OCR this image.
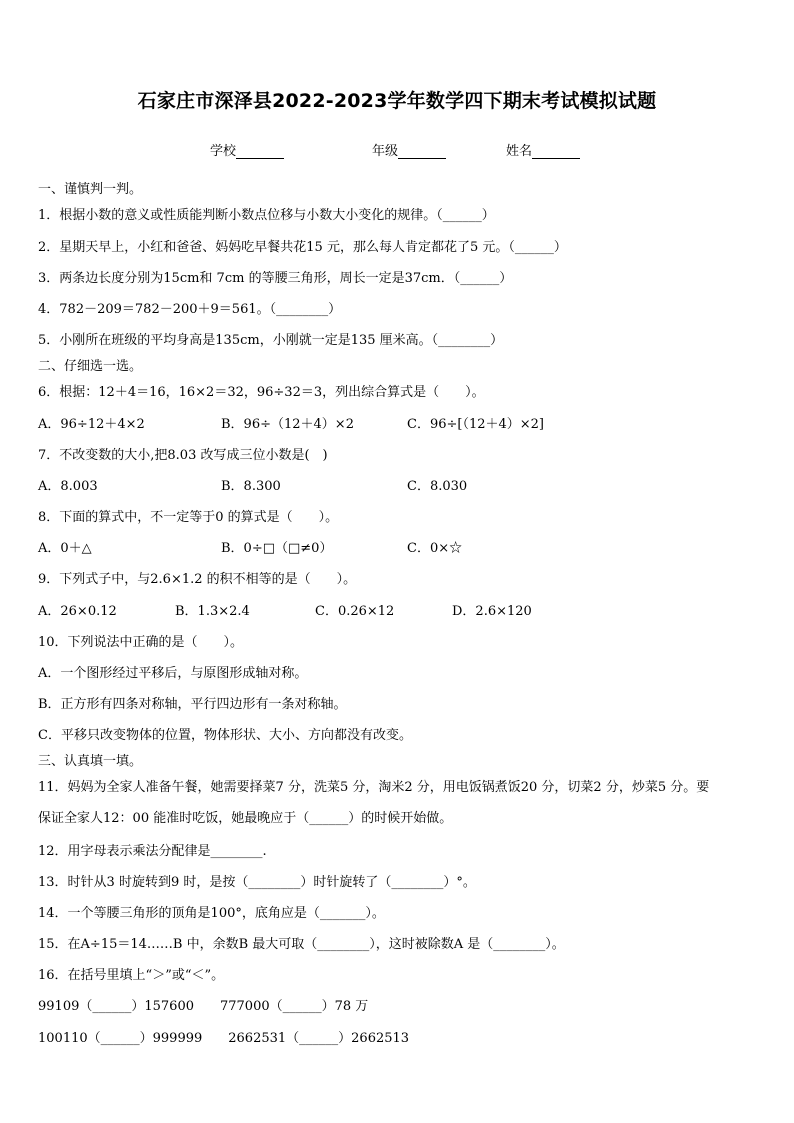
石家庄市深泽县2022-2023学年数学四下期末考试模拟试题
学校	年级	姓名
一、谨慎判一判。
1．根据小数的意义或性质能判断小数点位移与小数大小变化的规律。（______）
2．星期天早上，小红和爸爸、妈妈吃早餐共花15 元，那么每人肯定都花了5 元。（______）
3．两条边长度分别为15cm和 7cm 的等腰三角形，周长一定是37cm．（______）
4．782－209＝782－200＋9＝561。（________）
5．小刚所在班级的平均身高是135cm，小刚就一定是135 厘米高。（________）
二、仔细选一选。
6．根据：12＋4＝16，16×2＝32，96÷32＝3，列出综合算式是（　　）。
A．96÷12＋4×2	B．96÷（12＋4）×2	C．96÷[（12＋4）×2]
7．不改变数的大小,把8.03 改写成三位小数是(　)
A．8.003	B．8.300	C．8.030
8．下面的算式中，不一定等于0 的算式是（　　）。
A．0＋△	B．0÷□（□≠0）	C．0×☆
9．下列式子中，与2.6×1.2 的积不相等的是（　　）。
A．26×0.12	B．1.3×2.4	C．0.26×12	D．2.6×120
10．下列说法中正确的是（　　）。
A．一个图形经过平移后，与原图形成轴对称。
B．正方形有四条对称轴，平行四边形有一条对称轴。
C．平移只改变物体的位置，物体形状、大小、方向都没有改变。
三、认真填一填。
11．妈妈为全家人准备午餐，她需要择菜7 分，洗菜5 分，淘米2 分，用电饭锅煮饭20 分，切菜2 分，炒菜5 分。要
保证全家人12：00 能准时吃饭，她最晚应于（______）的时候开始做。
12．用字母表示乘法分配律是________.
13．时针从3 时旋转到9 时，是按（________）时针旋转了（________）°。
14．一个等腰三角形的顶角是100°，底角应是（_______）。
15．在A÷15＝14……B 中，余数B 最大可取（________），这时被除数A 是（________）。
16．在括号里填上“＞”或“＜”。
99109（______）157600　　777000（______）78 万
100110（______）999999　　2662531（______）2662513
